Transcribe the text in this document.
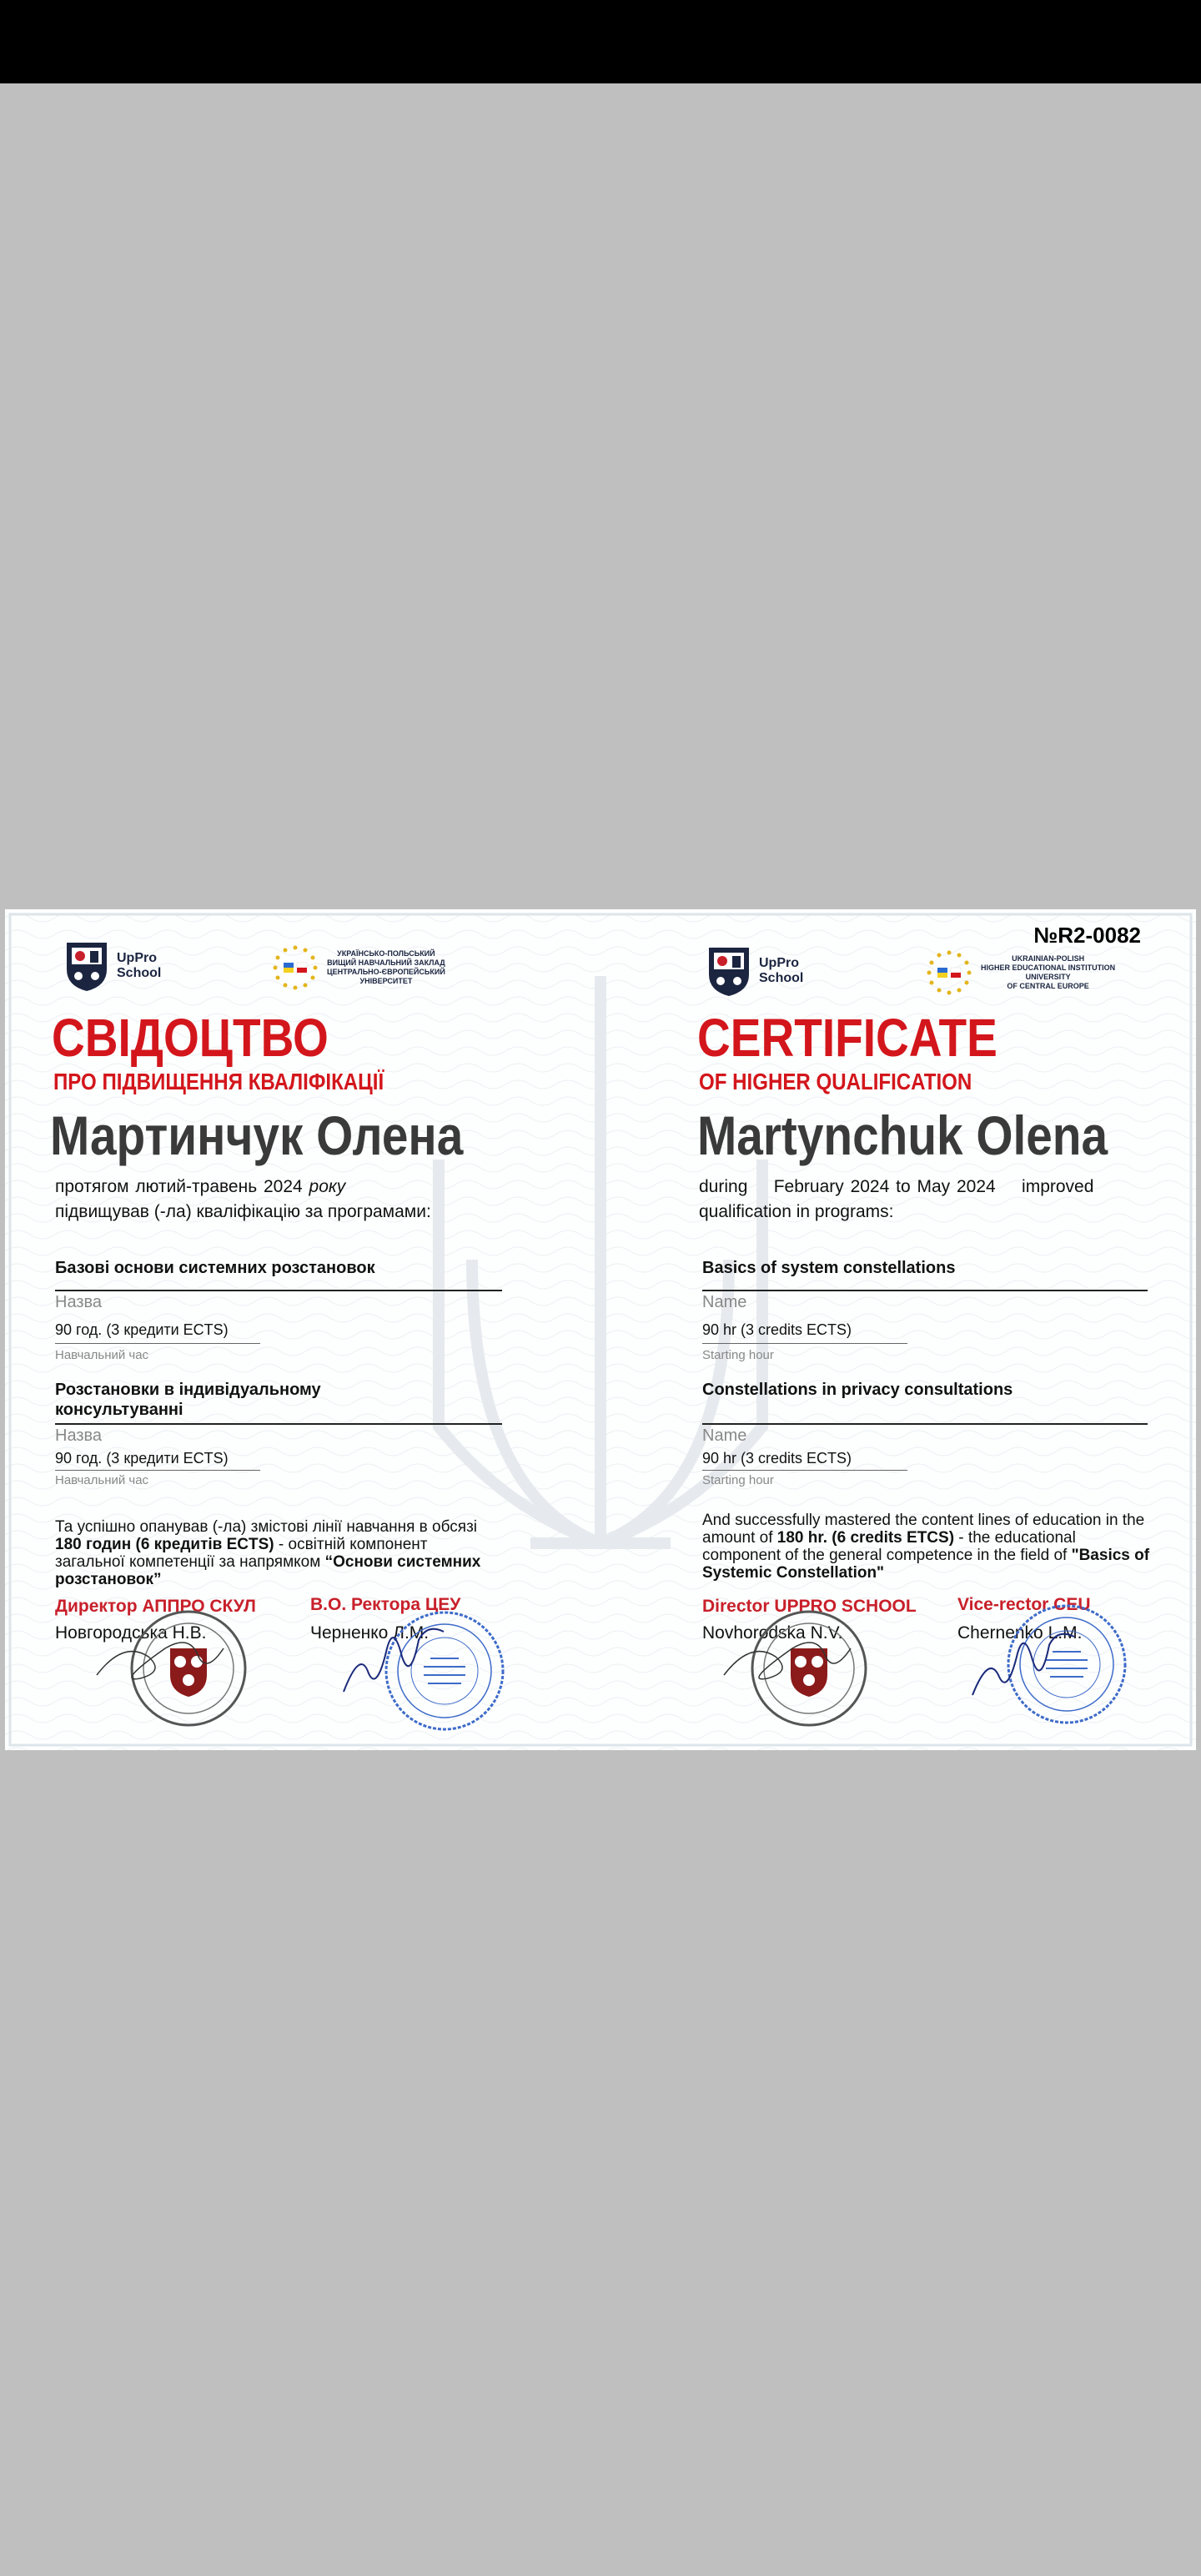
UpPro
School
УКРАЇНСЬКО-ПОЛЬСЬКИЙ
ВИЩИЙ НАВЧАЛЬНИЙ ЗАКЛАД
ЦЕНТРАЛЬНО-ЄВРОПЕЙСЬКИЙ
УНІВЕРСИТЕТ
СВІДОЦТВО
ПРО ПІДВИЩЕННЯ КВАЛІФІКАЦІЇ
Мартинчук Олена
протягом лютий-травень 2024 року
підвищував (-ла) кваліфікацію за програмами:
Базові основи системних розстановок
Назва
90 год. (3 кредити ECTS)
Навчальний час
Розстановки в індивідуальному консультуванні
Назва
90 год. (3 кредити ECTS)
Навчальний час
Та успішно опанував (-ла) змістові лінії навчання в обсязі 180 годин (6 кредитів ECTS) - освітній компонент загальної компетенції за напрямком “Основи системних розстановок”
Директор АППРО СКУЛ
Новгородська Н.В.
В.О. Ректора ЦЕУ
Черненко Л.М.
№R2-0082
UpPro
School
UKRAINIAN-POLISH
HIGHER EDUCATIONAL INSTITUTION
UNIVERSITY
OF CENTRAL EUROPE
CERTIFICATE
OF HIGHER QUALIFICATION
Martynchuk Olena
during    February 2024 to May 2024    improved
qualification in programs:
Basics of system constellations
Name
90 hr (3 credits ECTS)
Starting hour
Constellations in privacy consultations
Name
90 hr (3 credits ECTS)
Starting hour
And successfully mastered the content lines of education in the amount of 180 hr. (6 credits ETCS) - the educational component of the general competence in the field of "Basics of Systemic Constellation"
Director UPPRO SCHOOL
Novhorodska N.V.
Vice-rector CEU
Chernenko L.M.
